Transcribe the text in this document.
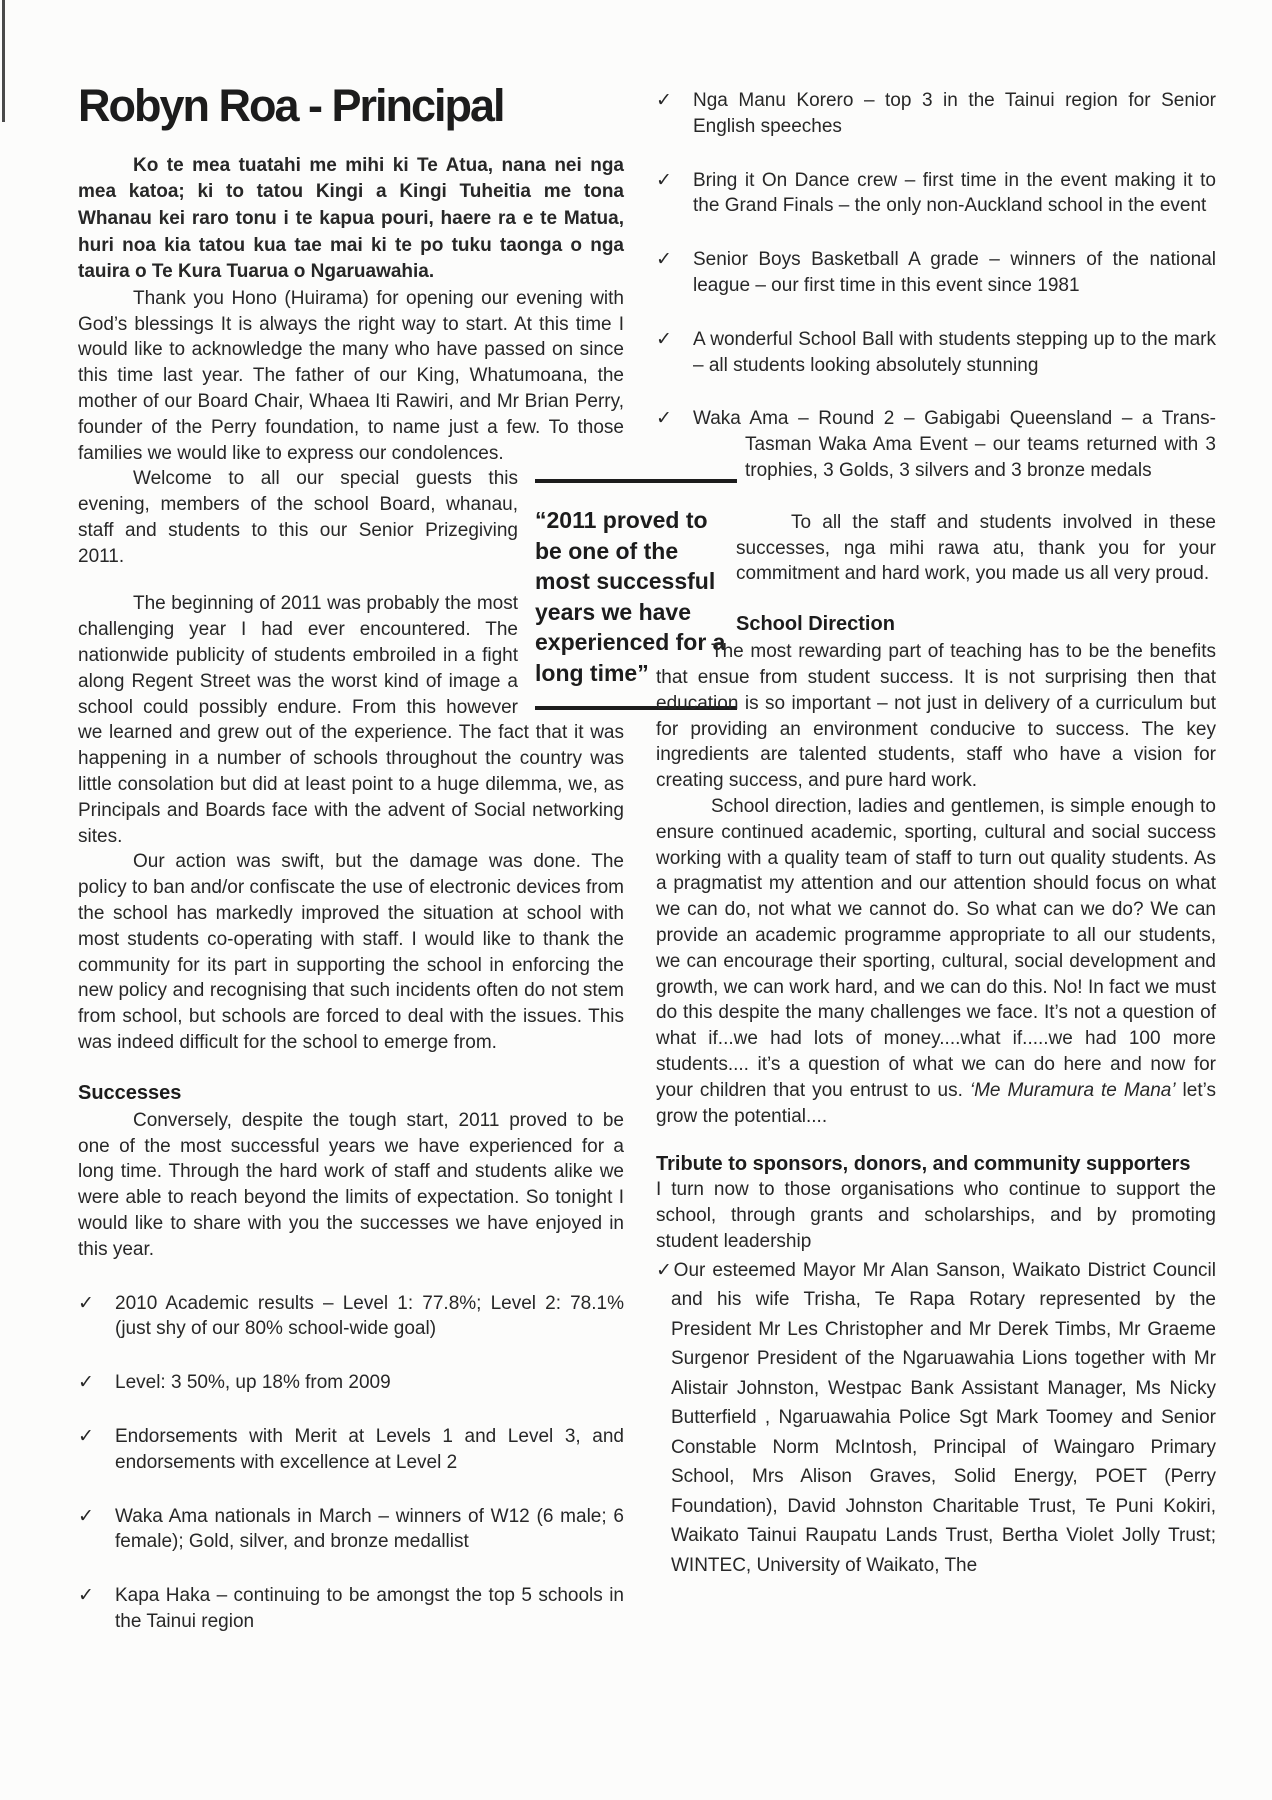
Robyn Roa - Principal

Ko te mea tuatahi me mihi ki Te Atua, nana nei nga mea katoa; ki to tatou Kingi a Kingi Tuheitia me tona Whanau kei raro tonu i te kapua pouri, haere ra e te Matua, huri noa kia tatou kua tae mai ki te po tuku taonga o nga tauira o Te Kura Tuarua o Ngaruawahia.

Thank you Hono (Huirama) for opening our evening with God’s blessings It is always the right way to start. At this time I would like to acknowledge the many who have passed on since this time last year. The father of our King, Whatumoana, the mother of our Board Chair, Whaea Iti Rawiri, and Mr Brian Perry, founder of the Perry foundation, to name just a few. To those families we would like to express our condolences.

Welcome to all our special guests this evening, members of the school Board, whanau, staff and students to this our Senior Prizegiving 2011.

The beginning of 2011 was probably the most challenging year I had ever encountered. The nationwide publicity of students embroiled in a fight along Regent Street was the worst kind of image a school could possibly endure. From this however we learned and grew out of the experience. The fact that it was happening in a number of schools throughout the country was little consolation but did at least point to a huge dilemma, we, as Principals and Boards face with the advent of Social networking sites.

Our action was swift, but the damage was done. The policy to ban and/or confiscate the use of electronic devices from the school has markedly improved the situation at school with most students co-operating with staff. I would like to thank the community for its part in supporting the school in enforcing the new policy and recognising that such incidents often do not stem from school, but schools are forced to deal with the issues. This was indeed difficult for the school to emerge from.

Successes

Conversely, despite the tough start, 2011 proved to be one of the most successful years we have experienced for a long time. Through the hard work of staff and students alike we were able to reach beyond the limits of expectation. So tonight I would like to share with you the successes we have enjoyed in this year.

✓	2010 Academic results – Level 1: 77.8%; Level 2: 78.1% (just shy of our 80% school-wide goal)
✓	Level: 3 50%, up 18% from 2009
✓	Endorsements with Merit at Levels 1 and Level 3, and endorsements with excellence at Level 2
✓	Waka Ama nationals in March – winners of W12 (6 male; 6 female); Gold, silver, and bronze medallist
✓	Kapa Haka – continuing to be amongst the top 5 schools in the Tainui region
“2011 proved to be one of the most successful years we have experienced for a long time”
✓	Nga Manu Korero – top 3 in the Tainui region for Senior English speeches
✓	Bring it On Dance crew – first time in the event making it to the Grand Finals – the only non-Auckland school in the event
✓	Senior Boys Basketball A grade – winners of the national league – our first time in this event since 1981
✓	A wonderful School Ball with students stepping up to the mark – all students looking absolutely stunning
✓	Waka Ama – Round 2 – Gabigabi Queensland – a Trans-Tasman Waka Ama Event – our teams returned with 3 trophies, 3 Golds, 3 silvers and 3 bronze medals

To all the staff and students involved in these successes, nga mihi rawa atu, thank you for your commitment and hard work, you made us all very proud.

School Direction

The most rewarding part of teaching has to be the benefits that ensue from student success. It is not surprising then that education is so important – not just in delivery of a curriculum but for providing an environment conducive to success. The key ingredients are talented students, staff who have a vision for creating success, and pure hard work.

School direction, ladies and gentlemen, is simple enough to ensure continued academic, sporting, cultural and social success working with a quality team of staff to turn out quality students. As a pragmatist my attention and our attention should focus on what we can do, not what we cannot do. So what can we do? We can provide an academic programme appropriate to all our students, we can encourage their sporting, cultural, social development and growth, we can work hard, and we can do this. No! In fact we must do this despite the many challenges we face. It’s not a question of what if...we had lots of money....what if.....we had 100 more students.... it’s a question of what we can do here and now for your children that you entrust to us. ‘Me Muramura te Mana’ let’s grow the potential....

Tribute to sponsors, donors, and community supporters

I turn now to those organisations who continue to support the school, through grants and scholarships, and by promoting student leadership

✓Our esteemed Mayor Mr Alan Sanson, Waikato District Council and his wife Trisha, Te Rapa Rotary represented by the President Mr Les Christopher and Mr Derek Timbs, Mr Graeme Surgenor President of the Ngaruawahia Lions together with Mr Alistair Johnston, Westpac Bank Assistant Manager, Ms Nicky Butterfield , Ngaruawahia Police Sgt Mark Toomey and Senior Constable Norm McIntosh, Principal of Waingaro Primary School, Mrs Alison Graves, Solid Energy, POET (Perry Foundation), David Johnston Charitable Trust, Te Puni Kokiri, Waikato Tainui Raupatu Lands Trust, Bertha Violet Jolly Trust; WINTEC, University of Waikato, The
